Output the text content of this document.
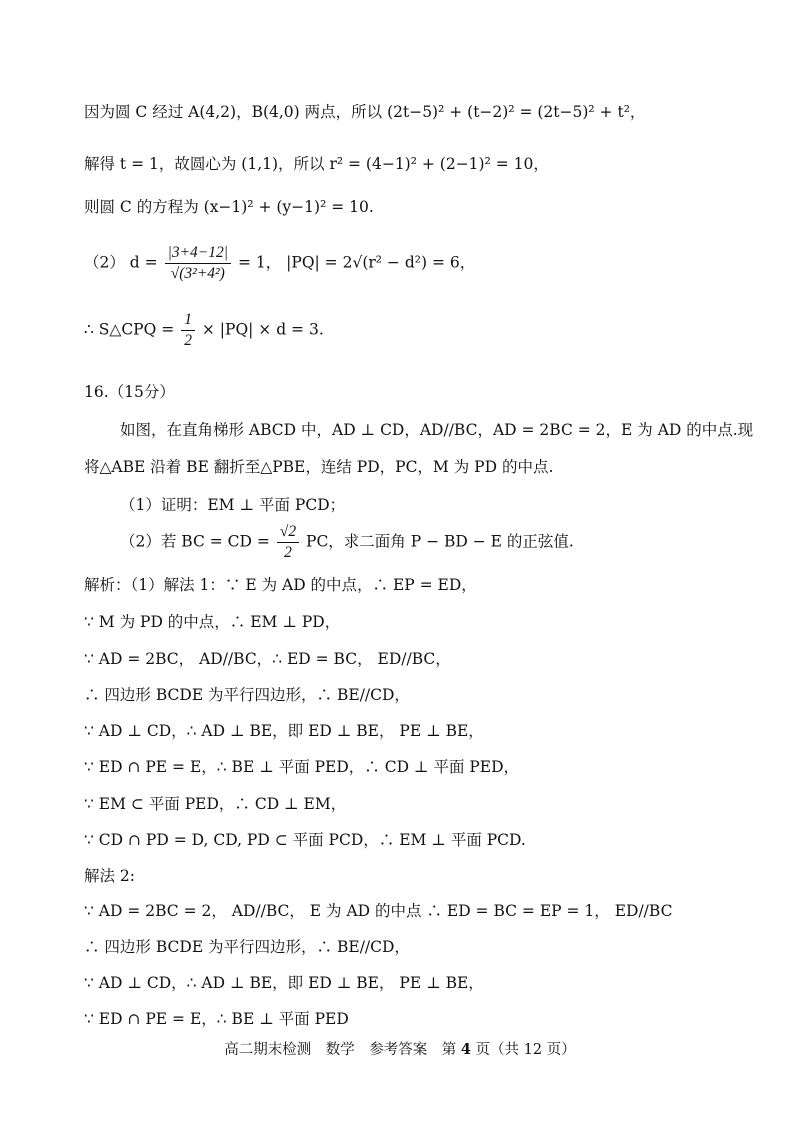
因为圆 C 经过 A(4,2)，B(4,0) 两点，所以 (2t−5)² + (t−2)² = (2t−5)² + t²，
解得 t = 1，故圆心为 (1,1)，所以 r² = (4−1)² + (2−1)² = 10，
则圆 C 的方程为 (x−1)² + (y−1)² = 10.
（2） $d = \frac{|3+4-12|}{\text{√(3²+4²)}} = 1$， |PQ| = 2√(r² − d²) = 6，
∴ S△CPQ = $\frac{1}{2} \times |PQ| \times d = 3$.
16.（15分）
如图，在直角梯形 ABCD 中，AD ⊥ CD，AD//BC，AD = 2BC = 2，E 为 AD 的中点.现
将△ABE 沿着 BE 翻折至△PBE，连结 PD，PC，M 为 PD 的中点.
（1）证明：EM ⊥ 平面 PCD；
（2）若 BC = CD = $\frac{√2}{2}$ PC，求二面角 P − BD − E 的正弦值.
解析：（1）解法 1：∵ E 为 AD 的中点，∴ EP = ED，
∵ M 为 PD 的中点，∴ EM ⊥ PD，
∵ AD = 2BC， AD//BC，∴ ED = BC， ED//BC，
∴ 四边形 BCDE 为平行四边形，∴ BE//CD，
∵ AD ⊥ CD，∴ AD ⊥ BE，即 ED ⊥ BE， PE ⊥ BE，
∵ ED ∩ PE = E，∴ BE ⊥ 平面 PED，∴ CD ⊥ 平面 PED，
∵ EM ⊂ 平面 PED，∴ CD ⊥ EM，
∵ CD ∩ PD = D, CD, PD ⊂ 平面 PCD，∴ EM ⊥ 平面 PCD.
解法 2:
∵ AD = 2BC = 2， AD//BC， E 为 AD 的中点 ∴ ED = BC = EP = 1， ED//BC
∴ 四边形 BCDE 为平行四边形，∴ BE//CD，
∵ AD ⊥ CD，∴ AD ⊥ BE，即 ED ⊥ BE， PE ⊥ BE，
∵ ED ∩ PE = E，∴ BE ⊥ 平面 PED
高二期末检测　数学　参考答案　第 4 页（共 12 页）
